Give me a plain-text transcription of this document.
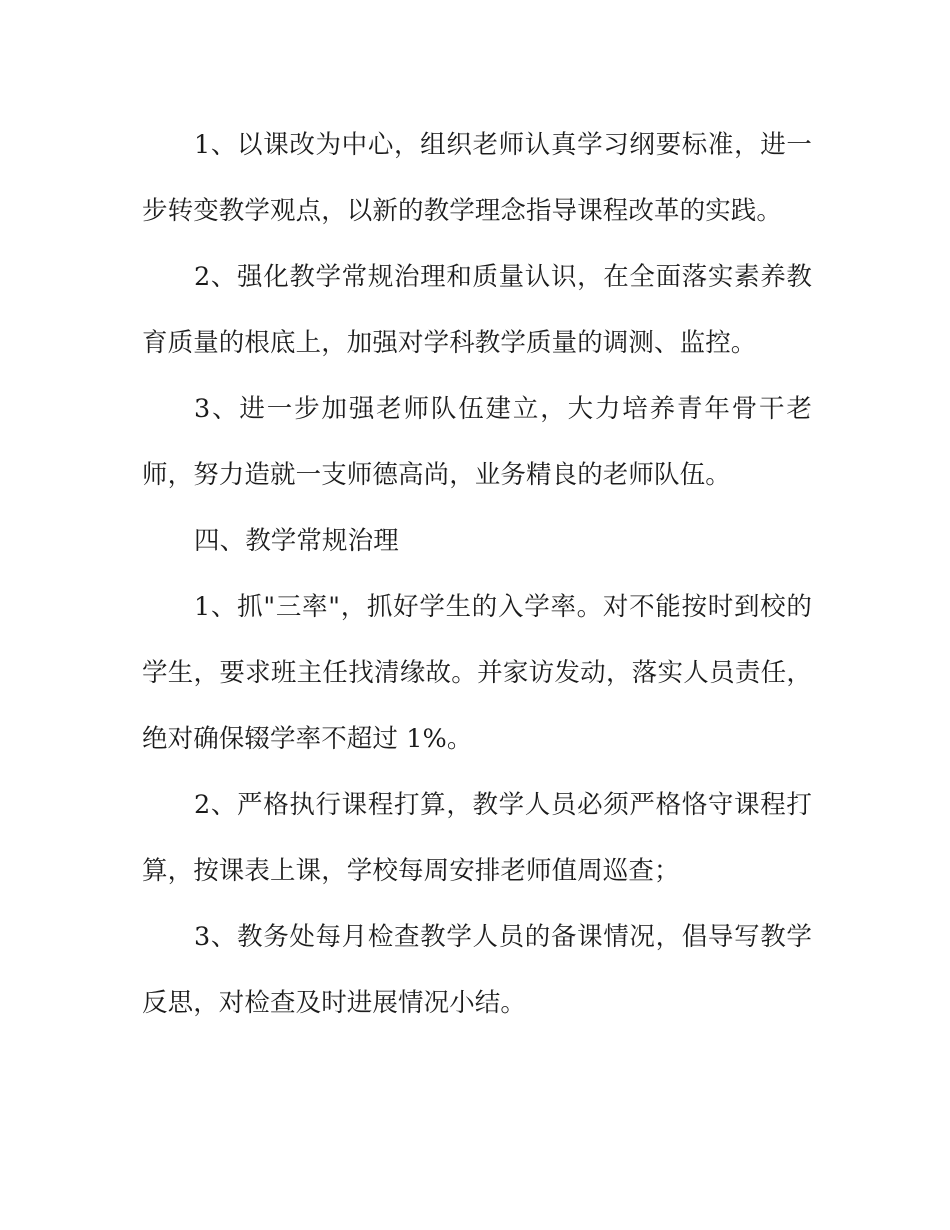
1、以课改为中心，组织老师认真学习纲要标准，进一步转变教学观点，以新的教学理念指导课程改革的实践。

2、强化教学常规治理和质量认识，在全面落实素养教育质量的根底上，加强对学科教学质量的调测、监控。

3、进一步加强老师队伍建立，大力培养青年骨干老师，努力造就一支师德高尚，业务精良的老师队伍。

四、教学常规治理

1、抓"三率"，抓好学生的入学率。对不能按时到校的学生，要求班主任找清缘故。并家访发动，落实人员责任，绝对确保辍学率不超过 1%。

2、严格执行课程打算，教学人员必须严格恪守课程打算，按课表上课，学校每周安排老师值周巡查；

3、教务处每月检查教学人员的备课情况，倡导写教学反思，对检查及时进展情况小结。
